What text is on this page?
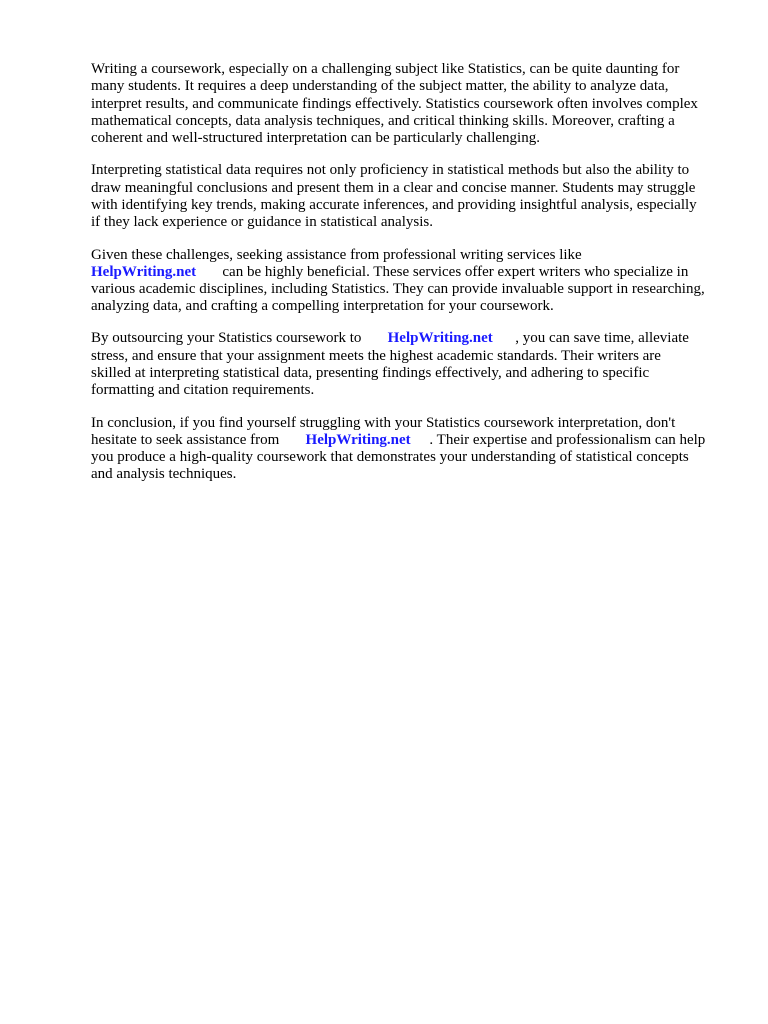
Writing a coursework, especially on a challenging subject like Statistics, can be quite daunting for

many students. It requires a deep understanding of the subject matter, the ability to analyze data,

interpret results, and communicate findings effectively. Statistics coursework often involves complex

mathematical concepts, data analysis techniques, and critical thinking skills. Moreover, crafting a

coherent and well-structured interpretation can be particularly challenging.

Interpreting statistical data requires not only proficiency in statistical methods but also the ability to

draw meaningful conclusions and present them in a clear and concise manner. Students may struggle

with identifying key trends, making accurate inferences, and providing insightful analysis, especially

if they lack experience or guidance in statistical analysis.

Given these challenges, seeking assistance from professional writing services like

HelpWriting.net can be highly beneficial. These services offer expert writers who specialize in

various academic disciplines, including Statistics. They can provide invaluable support in researching,

analyzing data, and crafting a compelling interpretation for your coursework.

By outsourcing your Statistics coursework to HelpWriting.net , you can save time, alleviate

stress, and ensure that your assignment meets the highest academic standards. Their writers are

skilled at interpreting statistical data, presenting findings effectively, and adhering to specific

formatting and citation requirements.

In conclusion, if you find yourself struggling with your Statistics coursework interpretation, don't

hesitate to seek assistance from HelpWriting.net . Their expertise and professionalism can help

you produce a high-quality coursework that demonstrates your understanding of statistical concepts

and analysis techniques.
